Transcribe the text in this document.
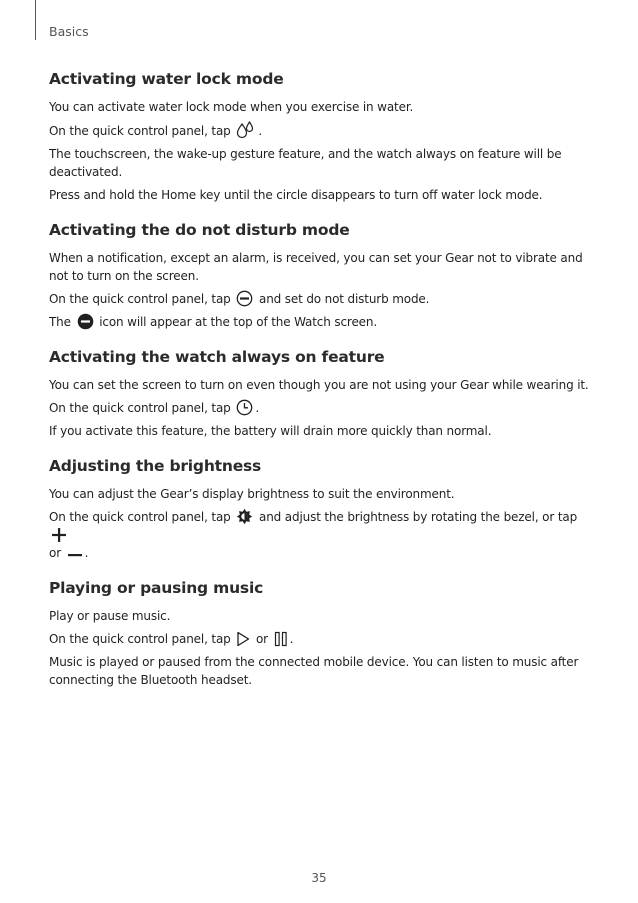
Basics
Activating water lock mode

You can activate water lock mode when you exercise in water.

On the quick control panel, tap .

The touchscreen, the wake-up gesture feature, and the watch always on feature will be deactivated.

Press and hold the Home key until the circle disappears to turn off water lock mode.

Activating the do not disturb mode

When a notification, except an alarm, is received, you can set your Gear not to vibrate and not to turn on the screen.

On the quick control panel, tap  and set do not disturb mode.

The  icon will appear at the top of the Watch screen.

Activating the watch always on feature

You can set the screen to turn on even though you are not using your Gear while wearing it.

On the quick control panel, tap .

If you activate this feature, the battery will drain more quickly than normal.

Adjusting the brightness

You can adjust the Gear’s display brightness to suit the environment.

On the quick control panel, tap  and adjust the brightness by rotating the bezel, or tap
or .

Playing or pausing music

Play or pause music.

On the quick control panel, tap  or .

Music is played or paused from the connected mobile device. You can listen to music after connecting the Bluetooth headset.

35
